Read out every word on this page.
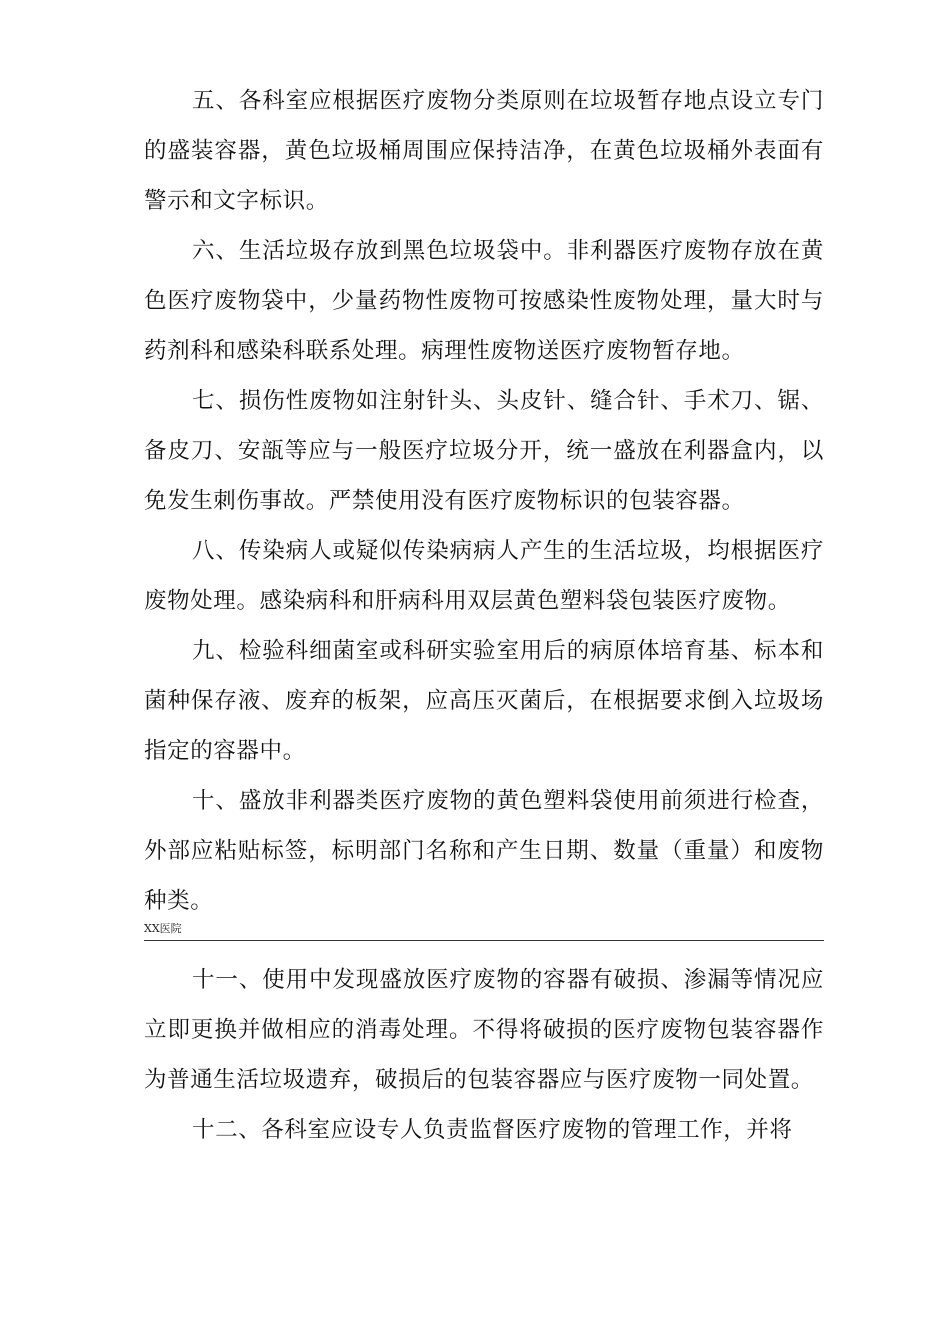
五、各科室应根据医疗废物分类原则在垃圾暂存地点设立专门的盛装容器，黄色垃圾桶周围应保持洁净，在黄色垃圾桶外表面有警示和文字标识。

六、生活垃圾存放到黑色垃圾袋中。非利器医疗废物存放在黄色医疗废物袋中，少量药物性废物可按感染性废物处理，量大时与药剂科和感染科联系处理。病理性废物送医疗废物暂存地。

七、损伤性废物如注射针头、头皮针、缝合针、手术刀、锯、备皮刀、安瓿等应与一般医疗垃圾分开，统一盛放在利器盒内，以免发生刺伤事故。严禁使用没有医疗废物标识的包装容器。

八、传染病人或疑似传染病病人产生的生活垃圾，均根据医疗废物处理。感染病科和肝病科用双层黄色塑料袋包装医疗废物。

九、检验科细菌室或科研实验室用后的病原体培育基、标本和菌种保存液、废弃的板架，应高压灭菌后，在根据要求倒入垃圾场指定的容器中。

十、盛放非利器类医疗废物的黄色塑料袋使用前须进行检查，外部应粘贴标签，标明部门名称和产生日期、数量（重量）和废物种类。

XX医院

十一、使用中发现盛放医疗废物的容器有破损、渗漏等情况应立即更换并做相应的消毒处理。不得将破损的医疗废物包装容器作为普通生活垃圾遗弃，破损后的包装容器应与医疗废物一同处置。

十二、各科室应设专人负责监督医疗废物的管理工作，并将
